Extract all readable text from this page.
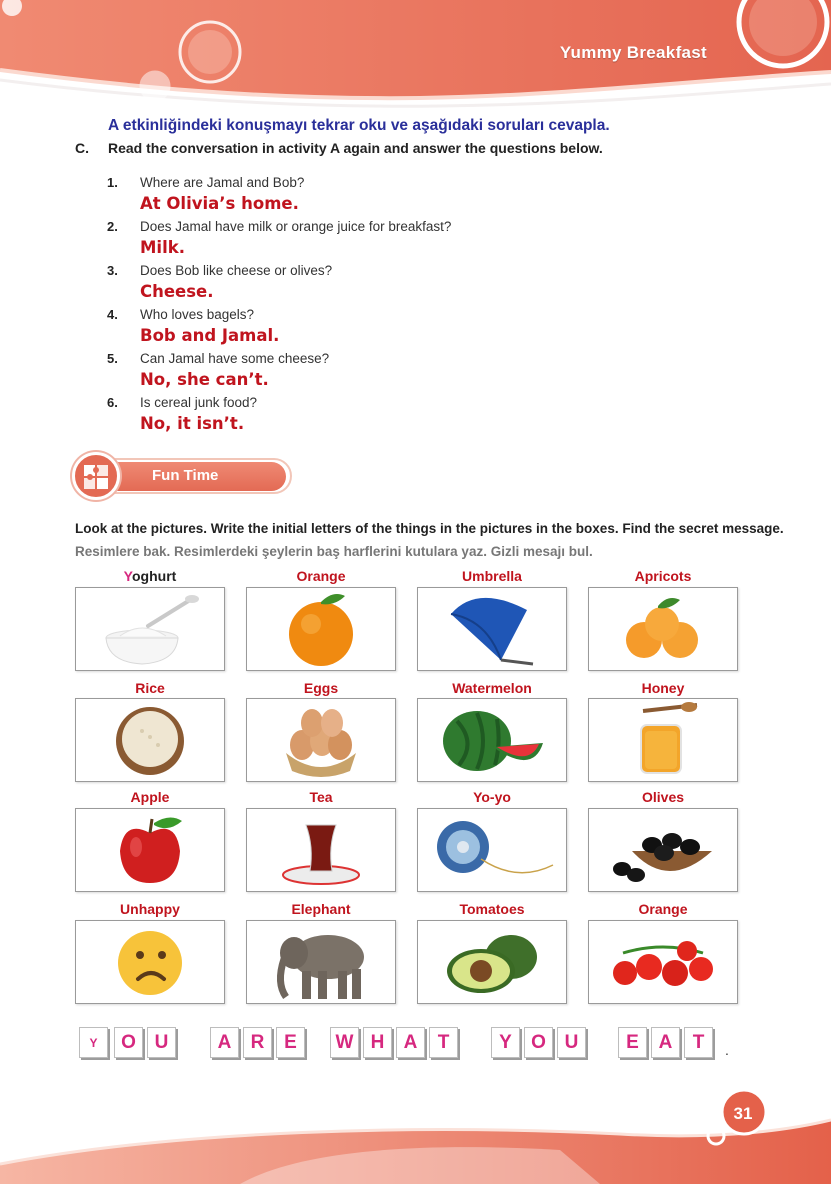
Yummy Breakfast
A etkinliğindeki konuşmayı tekrar oku ve aşağıdaki soruları cevapla.
C. Read the conversation in activity A again and answer the questions below.
1. Where are Jamal and Bob?
At Olivia’s home.
2. Does Jamal have milk or orange juice for breakfast?
Milk.
3. Does Bob like cheese or olives?
Cheese.
4. Who loves bagels?
Bob and Jamal.
5. Can Jamal have some cheese?
No, she can’t.
6. Is cereal junk food?
No, it isn’t.
Fun Time
Look at the pictures. Write the initial letters of the things in the pictures in the boxes. Find the secret message. Resimlere bak. Resimlerdeki şeylerin baş harflerini kutulara yaz. Gizli mesajı bul.
Yoghurt	Orange	Umbrella	Apricots
Rice	Eggs	Watermelon	Honey
Apple	Tea	Yo-yo	Olives
Unhappy	Elephant	Tomatoes	Orange
Y	O U	A	R	E	W H	A	T	Y	O U	E	A	T	.
31
